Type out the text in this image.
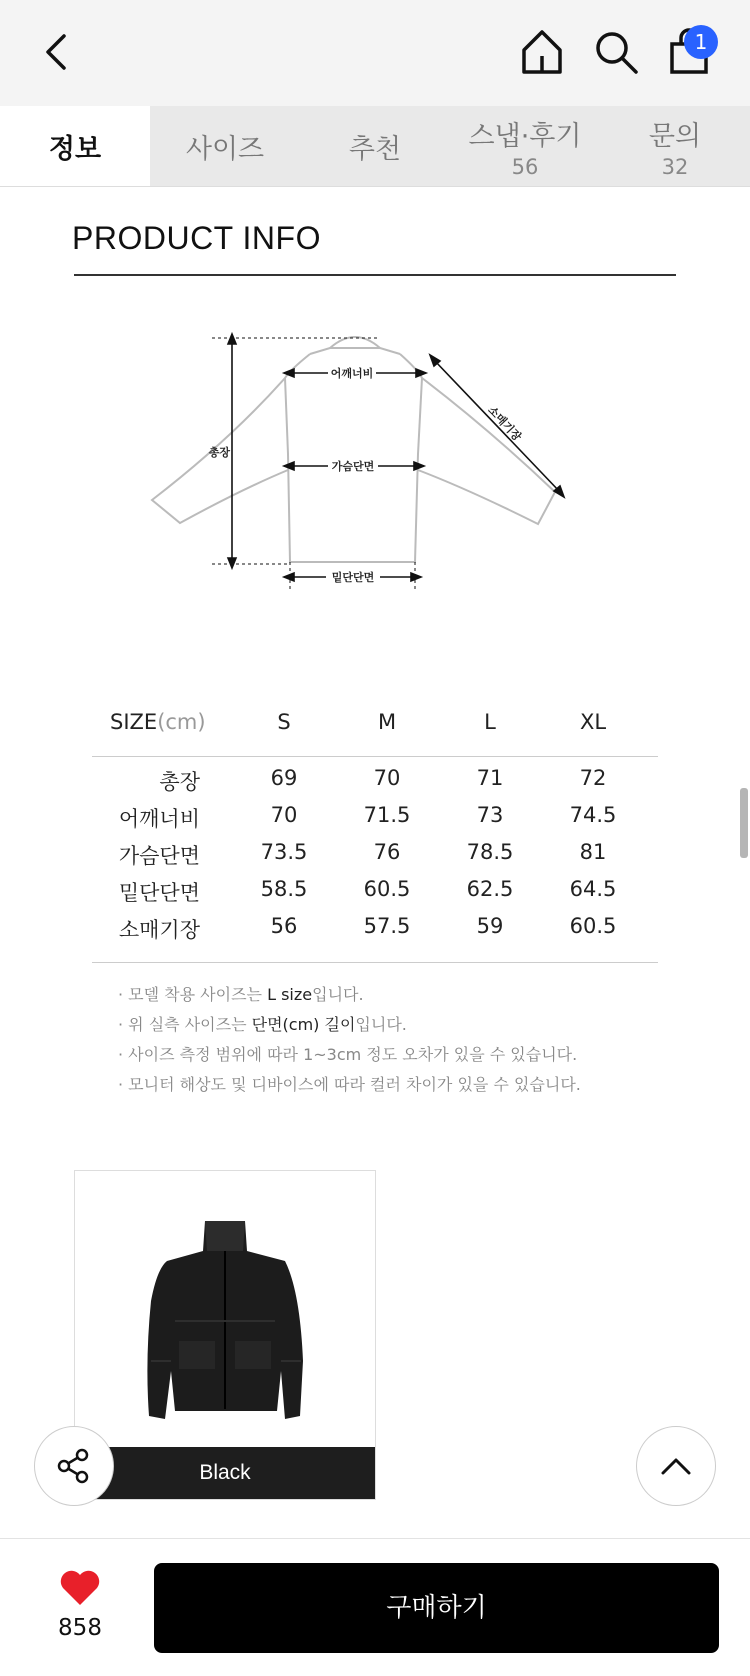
1
정보	사이즈	추천 스냅·후기
56
문의
32
PRODUCT INFO
어깨너비
총장
가슴단면
밑단단면
소매기장
SIZE(cm)	S	M	L	XL
총장	69	70	71	72
어깨너비	70	71.5	73	74.5
가슴단면	73.5	76	78.5	81
밑단단면	58.5	60.5	62.5	64.5
소매기장	56	57.5	59	60.5
· 모델 착용 사이즈는 L size입니다.
· 위 실측 사이즈는 단면(cm) 길이입니다.
· 사이즈 측정 범위에 따라 1~3cm 정도 오차가 있을 수 있습니다.
· 모니터 해상도 및 디바이스에 따라 컬러 차이가 있을 수 있습니다.
Black
858
구매하기
